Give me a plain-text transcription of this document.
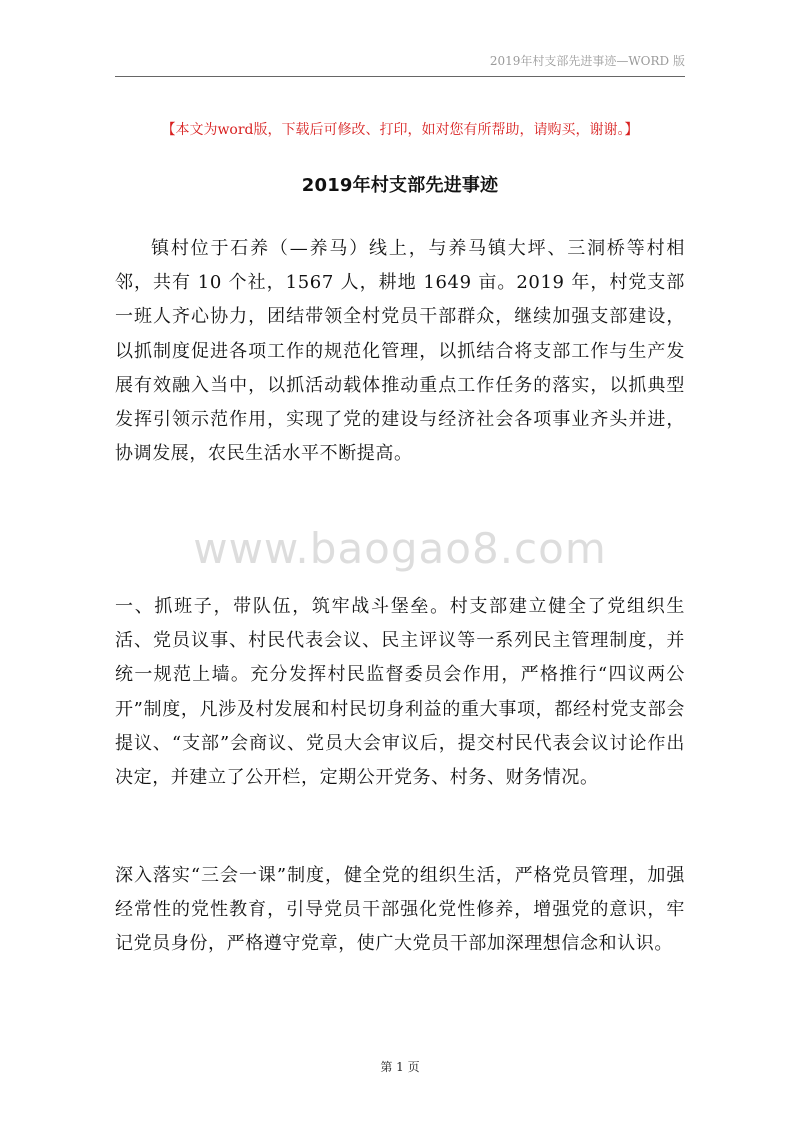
2019年村支部先进事迹—WORD 版
【本文为word版，下载后可修改、打印，如对您有所帮助，请购买，谢谢。】
2019年村支部先进事迹
镇村位于石养（—养马）线上，与养马镇大坪、三洞桥等村相邻，共有 10 个社，1567 人，耕地 1649 亩。2019 年，村党支部一班人齐心协力，团结带领全村党员干部群众，继续加强支部建设，以抓制度促进各项工作的规范化管理，以抓结合将支部工作与生产发展有效融入当中，以抓活动载体推动重点工作任务的落实，以抓典型发挥引领示范作用，实现了党的建设与经济社会各项事业齐头并进，协调发展，农民生活水平不断提高。
www.baogao8.com
一、抓班子，带队伍，筑牢战斗堡垒。村支部建立健全了党组织生活、党员议事、村民代表会议、民主评议等一系列民主管理制度，并统一规范上墙。充分发挥村民监督委员会作用，严格推行“四议两公开”制度，凡涉及村发展和村民切身利益的重大事项，都经村党支部会提议、“支部”会商议、党员大会审议后，提交村民代表会议讨论作出决定，并建立了公开栏，定期公开党务、村务、财务情况。
深入落实“三会一课”制度，健全党的组织生活，严格党员管理，加强经常性的党性教育，引导党员干部强化党性修养，增强党的意识，牢记党员身份，严格遵守党章，使广大党员干部加深理想信念和认识。
第 1 页
